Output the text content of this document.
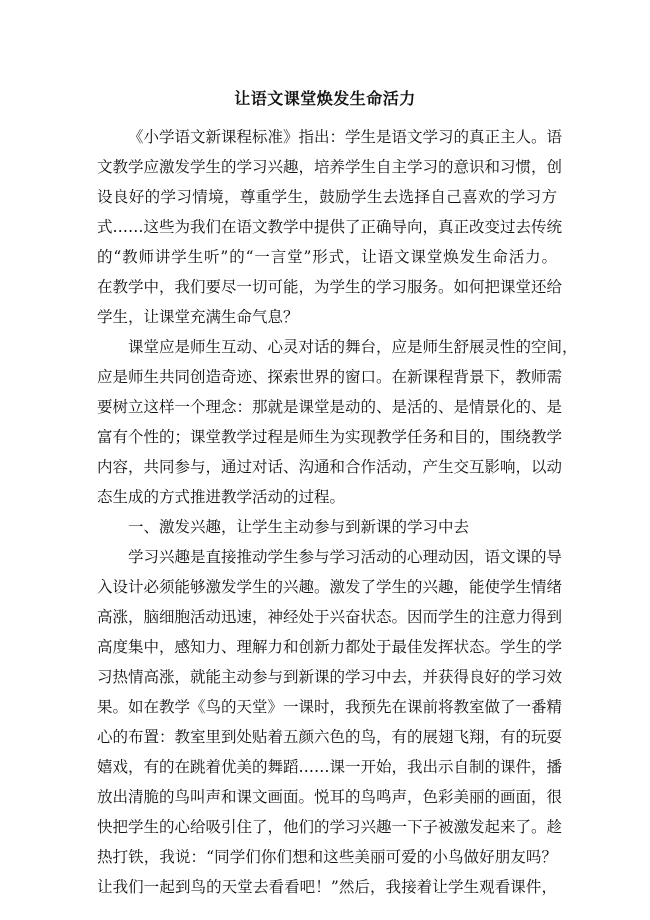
让语文课堂焕发生命活力
《小学语文新课程标准》指出：学生是语文学习的真正主人。语
文教学应激发学生的学习兴趣，培养学生自主学习的意识和习惯，创
设良好的学习情境，尊重学生，鼓励学生去选择自己喜欢的学习方
式……这些为我们在语文教学中提供了正确导向，真正改变过去传统
的“教师讲学生听”的“一言堂”形式，让语文课堂焕发生命活力。
在教学中，我们要尽一切可能，为学生的学习服务。如何把课堂还给
学生，让课堂充满生命气息？
课堂应是师生互动、心灵对话的舞台，应是师生舒展灵性的空间，
应是师生共同创造奇迹、探索世界的窗口。在新课程背景下，教师需
要树立这样一个理念：那就是课堂是动的、是活的、是情景化的、是
富有个性的；课堂教学过程是师生为实现教学任务和目的，围绕教学
内容，共同参与，通过对话、沟通和合作活动，产生交互影响，以动
态生成的方式推进教学活动的过程。
一、激发兴趣，让学生主动参与到新课的学习中去
学习兴趣是直接推动学生参与学习活动的心理动因，语文课的导
入设计必须能够激发学生的兴趣。激发了学生的兴趣，能使学生情绪
高涨，脑细胞活动迅速，神经处于兴奋状态。因而学生的注意力得到
高度集中，感知力、理解力和创新力都处于最佳发挥状态。学生的学
习热情高涨，就能主动参与到新课的学习中去，并获得良好的学习效
果。如在教学《鸟的天堂》一课时，我预先在课前将教室做了一番精
心的布置：教室里到处贴着五颜六色的鸟，有的展翅飞翔，有的玩耍
嬉戏，有的在跳着优美的舞蹈……课一开始，我出示自制的课件，播
放出清脆的鸟叫声和课文画面。悦耳的鸟鸣声，色彩美丽的画面，很
快把学生的心给吸引住了，他们的学习兴趣一下子被激发起来了。趁
热打铁，我说：“同学们你们想和这些美丽可爱的小鸟做好朋友吗？
让我们一起到鸟的天堂去看看吧！”然后，我接着让学生观看课件，
